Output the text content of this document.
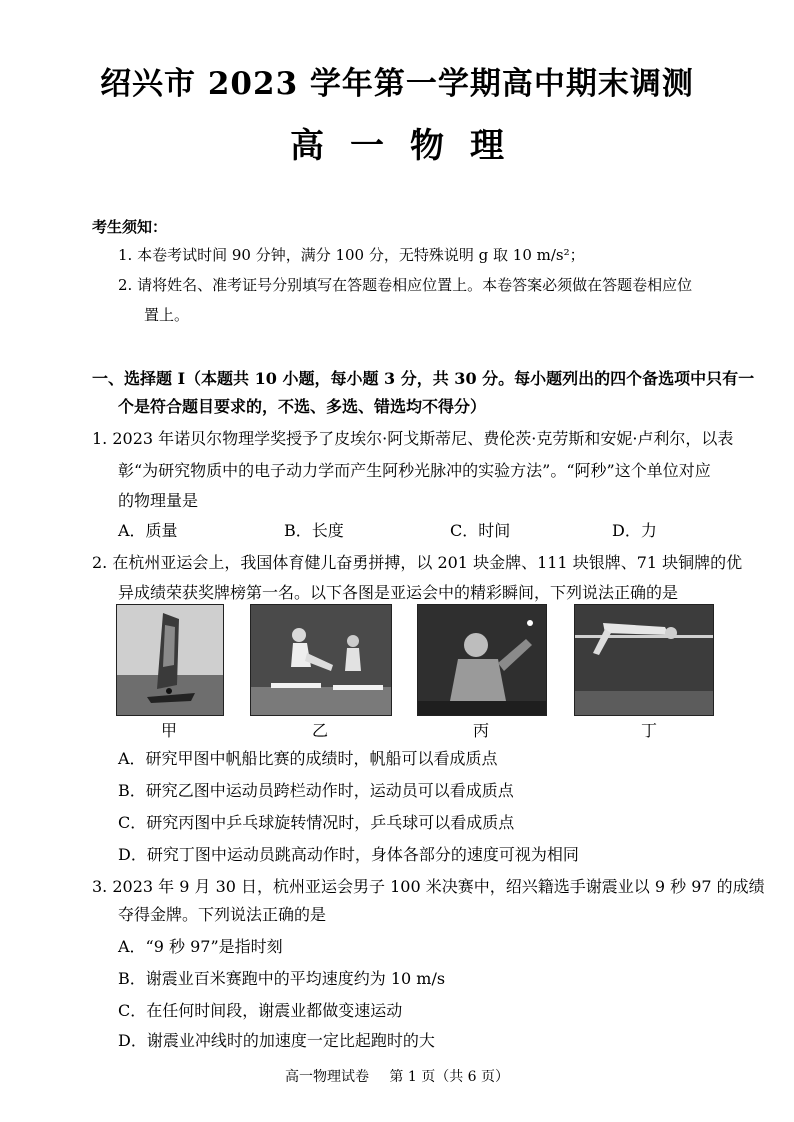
绍兴市 2023 学年第一学期高中期末调测
高一物理
考生须知：
1. 本卷考试时间 90 分钟，满分 100 分，无特殊说明 g 取 10 m/s²；
2. 请将姓名、准考证号分别填写在答题卷相应位置上。本卷答案必须做在答题卷相应位
置上。
一、选择题 I（本题共 10 小题，每小题 3 分，共 30 分。每小题列出的四个备选项中只有一
个是符合题目要求的，不选、多选、错选均不得分）
1. 2023 年诺贝尔物理学奖授予了皮埃尔·阿戈斯蒂尼、费伦茨·克劳斯和安妮·卢利尔，以表
彰“为研究物质中的电子动力学而产生阿秒光脉冲的实验方法”。“阿秒”这个单位对应
的物理量是
A．质量	B．长度	C．时间	D．力
2. 在杭州亚运会上，我国体育健儿奋勇拼搏，以 201 块金牌、111 块银牌、71 块铜牌的优
异成绩荣获奖牌榜第一名。以下各图是亚运会中的精彩瞬间，下列说法正确的是
甲	乙	丙	丁
A．研究甲图中帆船比赛的成绩时，帆船可以看成质点
B．研究乙图中运动员跨栏动作时，运动员可以看成质点
C．研究丙图中乒乓球旋转情况时，乒乓球可以看成质点
D．研究丁图中运动员跳高动作时，身体各部分的速度可视为相同
3. 2023 年 9 月 30 日，杭州亚运会男子 100 米决赛中，绍兴籍选手谢震业以 9 秒 97 的成绩
夺得金牌。下列说法正确的是
A．“9 秒 97”是指时刻
B．谢震业百米赛跑中的平均速度约为 10 m/s
C．在任何时间段，谢震业都做变速运动
D．谢震业冲线时的加速度一定比起跑时的大
高一物理试卷 第 1 页（共 6 页）
